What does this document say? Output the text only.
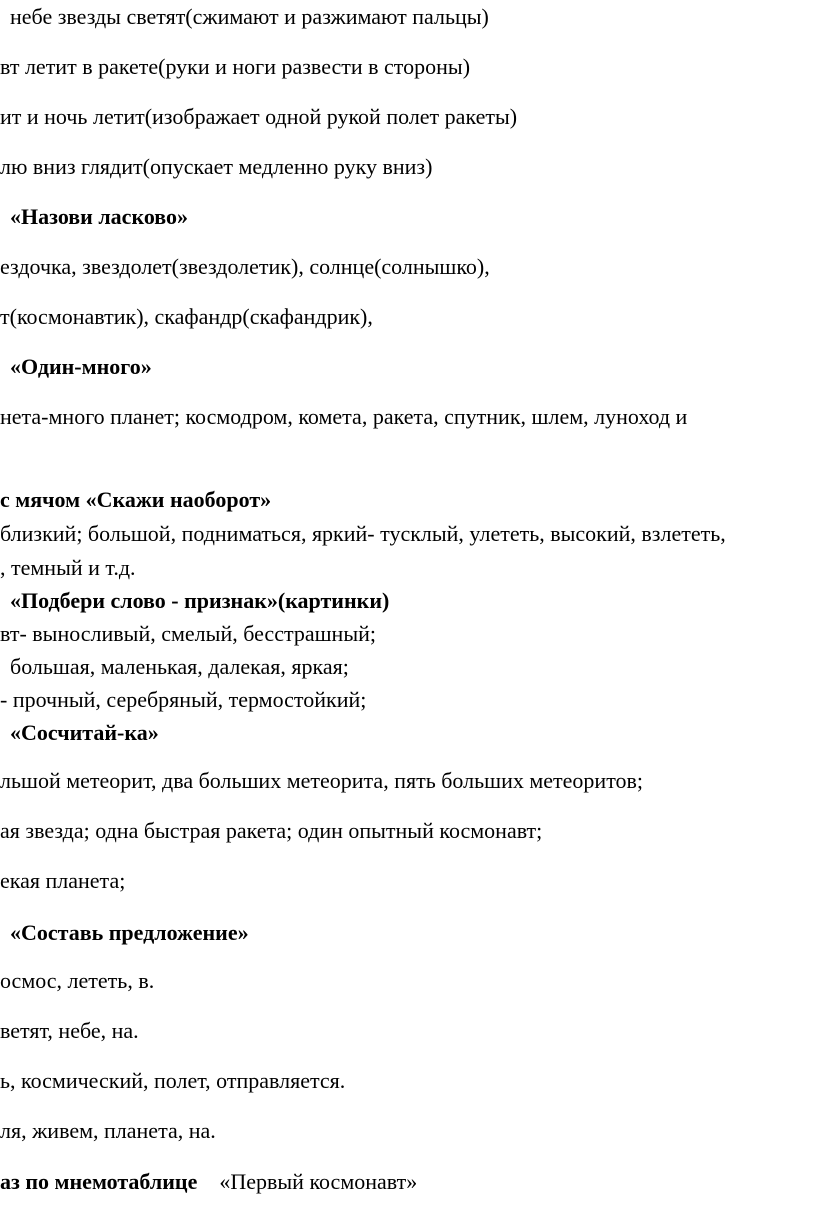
небе звезды светят(сжимают и разжимают пальцы)
вт летит в ракете(руки и ноги развести в стороны)
ит и ночь летит(изображает одной рукой полет ракеты)
лю вниз глядит(опускает медленно руку вниз)
«Назови ласково»
ездочка, звездолет(звездолетик), солнце(солнышко),
т(космонавтик), скафандр(скафандрик),
«Один-много»
нета-много планет; космодром, комета, ракета, спутник, шлем, луноход и
с мячом «Скажи наоборот»
близкий; большой, подниматься, яркий- тусклый, улететь, высокий, взлететь,
, темный и т.д.
«Подбери слово - признак»(картинки)
вт- выносливый, смелый, бесстрашный;
большая, маленькая, далекая, яркая;
- прочный, серебряный, термостойкий;
«Сосчитай-ка»
льшой метеорит, два больших метеорита, пять больших метеоритов;
ая звезда; одна быстрая ракета; один опытный космонавт;
екая планета;
«Составь предложение»
осмос, лететь, в.
ветят, небе, на.
ь, космический, полет, отправляется.
ля, живем, планета, на.
аз по мнемотаблице «Первый космонавт»
